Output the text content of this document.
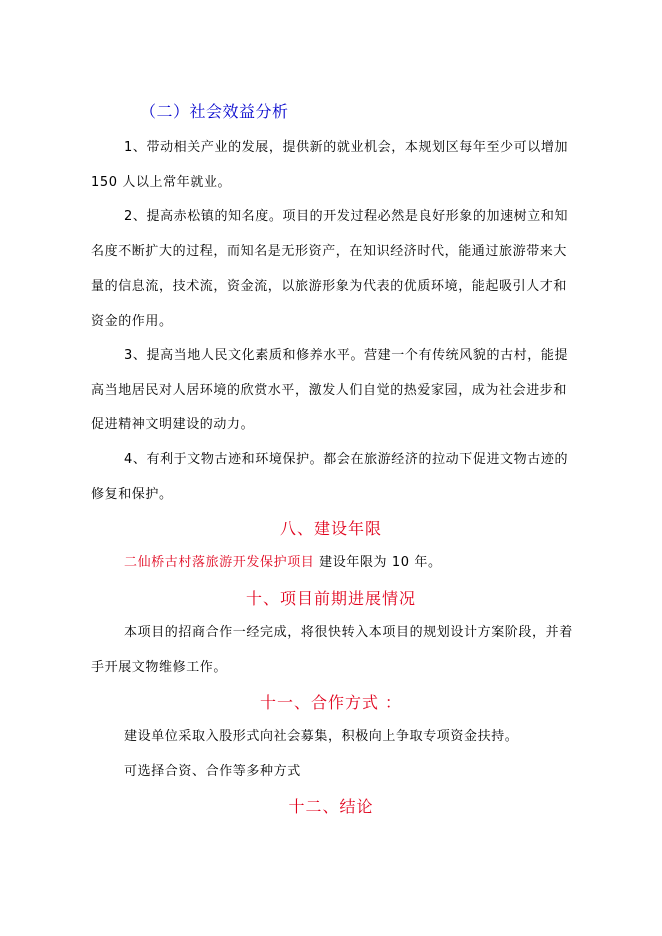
（二）社会效益分析
1、带动相关产业的发展，提供新的就业机会，本规划区每年至少可以增加
150 人以上常年就业。
2、提高赤松镇的知名度。项目的开发过程必然是良好形象的加速树立和知
名度不断扩大的过程，而知名是无形资产，在知识经济时代，能通过旅游带来大
量的信息流，技术流，资金流，以旅游形象为代表的优质环境，能起吸引人才和
资金的作用。
3、提高当地人民文化素质和修养水平。营建一个有传统风貌的古村，能提
高当地居民对人居环境的欣赏水平，激发人们自觉的热爱家园，成为社会进步和
促进精神文明建设的动力。
4、有利于文物古迹和环境保护。都会在旅游经济的拉动下促进文物古迹的
修复和保护。
八、建设年限
二仙桥古村落旅游开发保护项目 建设年限为 10 年。
十、项目前期进展情况
本项目的招商合作一经完成，将很快转入本项目的规划设计方案阶段，并着
手开展文物维修工作。
十一、合作方式 ：
建设单位采取入股形式向社会募集，积极向上争取专项资金扶持。
可选择合资、合作等多种方式
十二、结论
